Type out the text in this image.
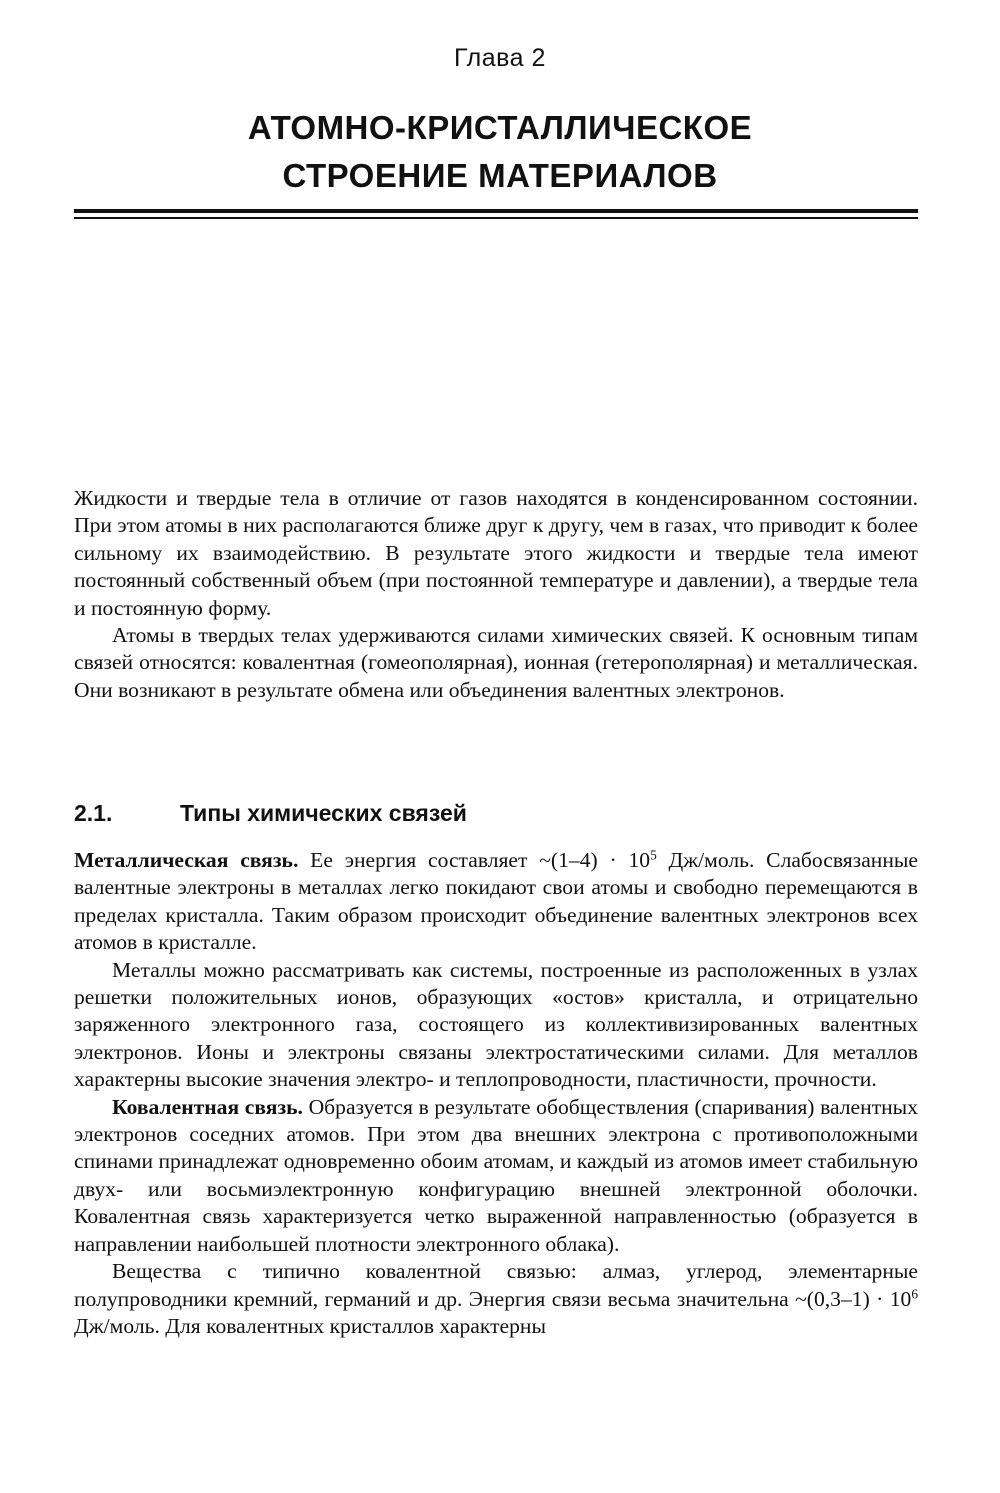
Глава 2
АТОМНО-КРИСТАЛЛИЧЕСКОЕ
СТРОЕНИЕ МАТЕРИАЛОВ

Жидкости и твердые тела в отличие от газов находятся в конденсированном состоянии. При этом атомы в них располагаются ближе друг к другу, чем в газах, что приводит к более сильному их взаимодействию. В результате этого жидкости и твердые тела имеют постоянный собственный объем (при постоянной температуре и давлении), а твердые тела и постоянную форму.

Атомы в твердых телах удерживаются силами химических связей. К основным типам связей относятся: ковалентная (гомеополярная), ионная (гетерополярная) и металлическая. Они возникают в результате обмена или объединения валентных электронов.

2.1.	Типы химических связей

Металлическая связь. Ее энергия составляет ~(1–4) · $10^5$ Дж/моль. Слабосвязанные валентные электроны в металлах легко покидают свои атомы и свободно перемещаются в пределах кристалла. Таким образом происходит объединение валентных электронов всех атомов в кристалле.

Металлы можно рассматривать как системы, построенные из расположенных в узлах решетки положительных ионов, образующих «остов» кристалла, и отрицательно заряженного электронного газа, состоящего из коллективизированных валентных электронов. Ионы и электроны связаны электростатическими силами. Для металлов характерны высокие значения электро- и теплопроводности, пластичности, прочности.

Ковалентная связь. Образуется в результате обобществления (спаривания) валентных электронов соседних атомов. При этом два внешних электрона с противоположными спинами принадлежат одновременно обоим атомам, и каждый из атомов имеет стабильную двух- или восьмиэлектронную конфигурацию внешней электронной оболочки. Ковалентная связь характеризуется четко выраженной направленностью (образуется в направлении наибольшей плотности электронного облака).

Вещества с типично ковалентной связью: алмаз, углерод, элементарные полупроводники кремний, германий и др. Энергия связи весьма значительна ~(0,3–1) · $10^6$ Дж/моль. Для ковалентных кристаллов характерны
